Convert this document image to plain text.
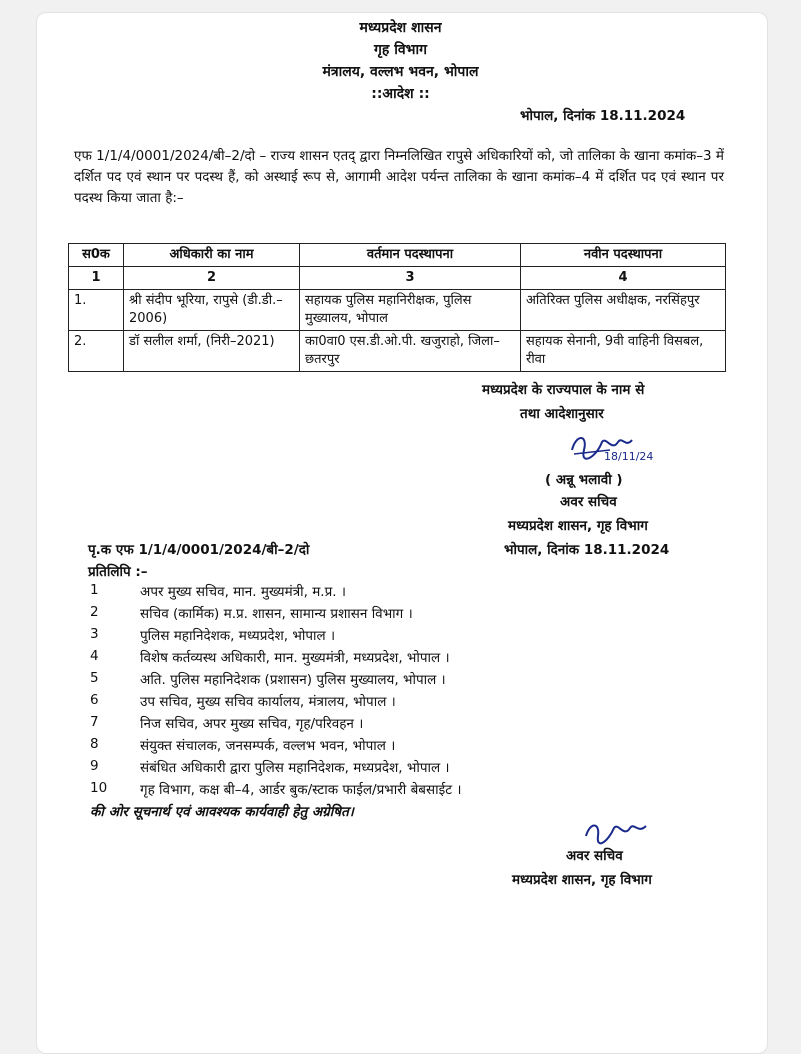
मध्यप्रदेश शासन
गृह विभाग
मंत्रालय, वल्लभ भवन, भोपाल
::आदेश ::
भोपाल, दिनांक 18.11.2024
एफ 1/1/4/0001/2024/बी–2/दो – राज्य शासन एतद् द्वारा निम्नलिखित रापुसे अधिकारियों को, जो तालिका के खाना कमांक–3 में दर्शित पद एवं स्थान पर पदस्थ हैं, को अस्थाई रूप से, आगामी आदेश पर्यन्त तालिका के खाना कमांक–4 में दर्शित पद एवं स्थान पर पदस्थ किया जाता है:–
स0क	अधिकारी का नाम	वर्तमान पदस्थापना	नवीन पदस्थापना
1	2	3	4
1.	श्री संदीप भूरिया, रापुसे (डी.डी.–2006)	सहायक पुलिस महानिरीक्षक, पुलिस मुख्यालय, भोपाल	अतिरिक्त पुलिस अधीक्षक, नरसिंहपुर
2.	डॉ सलील शर्मा, (निरी–2021)	का0वा0 एस.डी.ओ.पी. खजुराहो, जिला–छतरपुर	सहायक सेनानी, 9वी वाहिनी विसबल, रीवा
मध्यप्रदेश के राज्यपाल के नाम से
तथा आदेशानुसार
18/11/24
( अन्नू भलावी )
अवर सचिव
मध्यप्रदेश शासन, गृह विभाग
पृ.क एफ 1/1/4/0001/2024/बी–2/दो	भोपाल, दिनांक 18.11.2024
प्रतिलिपि :–
1	अपर मुख्य सचिव, मान. मुख्यमंत्री, म.प्र. ।
2	सचिव (कार्मिक) म.प्र. शासन, सामान्य प्रशासन विभाग ।
3	पुलिस महानिदेशक, मध्यप्रदेश, भोपाल ।
4	विशेष कर्तव्यस्थ अधिकारी, मान. मुख्यमंत्री, मध्यप्रदेश, भोपाल ।
5	अति. पुलिस महानिदेशक (प्रशासन) पुलिस मुख्यालय, भोपाल ।
6	उप सचिव, मुख्य सचिव कार्यालय, मंत्रालय, भोपाल ।
7	निज सचिव, अपर मुख्य सचिव, गृह/परिवहन ।
8	संयुक्त संचालक, जनसम्पर्क, वल्लभ भवन, भोपाल ।
9	संबंधित अधिकारी द्वारा पुलिस महानिदेशक, मध्यप्रदेश, भोपाल ।
10	गृह विभाग, कक्ष बी–4, आर्डर बुक/स्टाक फाईल/प्रभारी बेबसाईट ।
की ओर सूचनार्थ एवं आवश्यक कार्यवाही हेतु अग्रेषित।
अवर सचिव
मध्यप्रदेश शासन, गृह विभाग
